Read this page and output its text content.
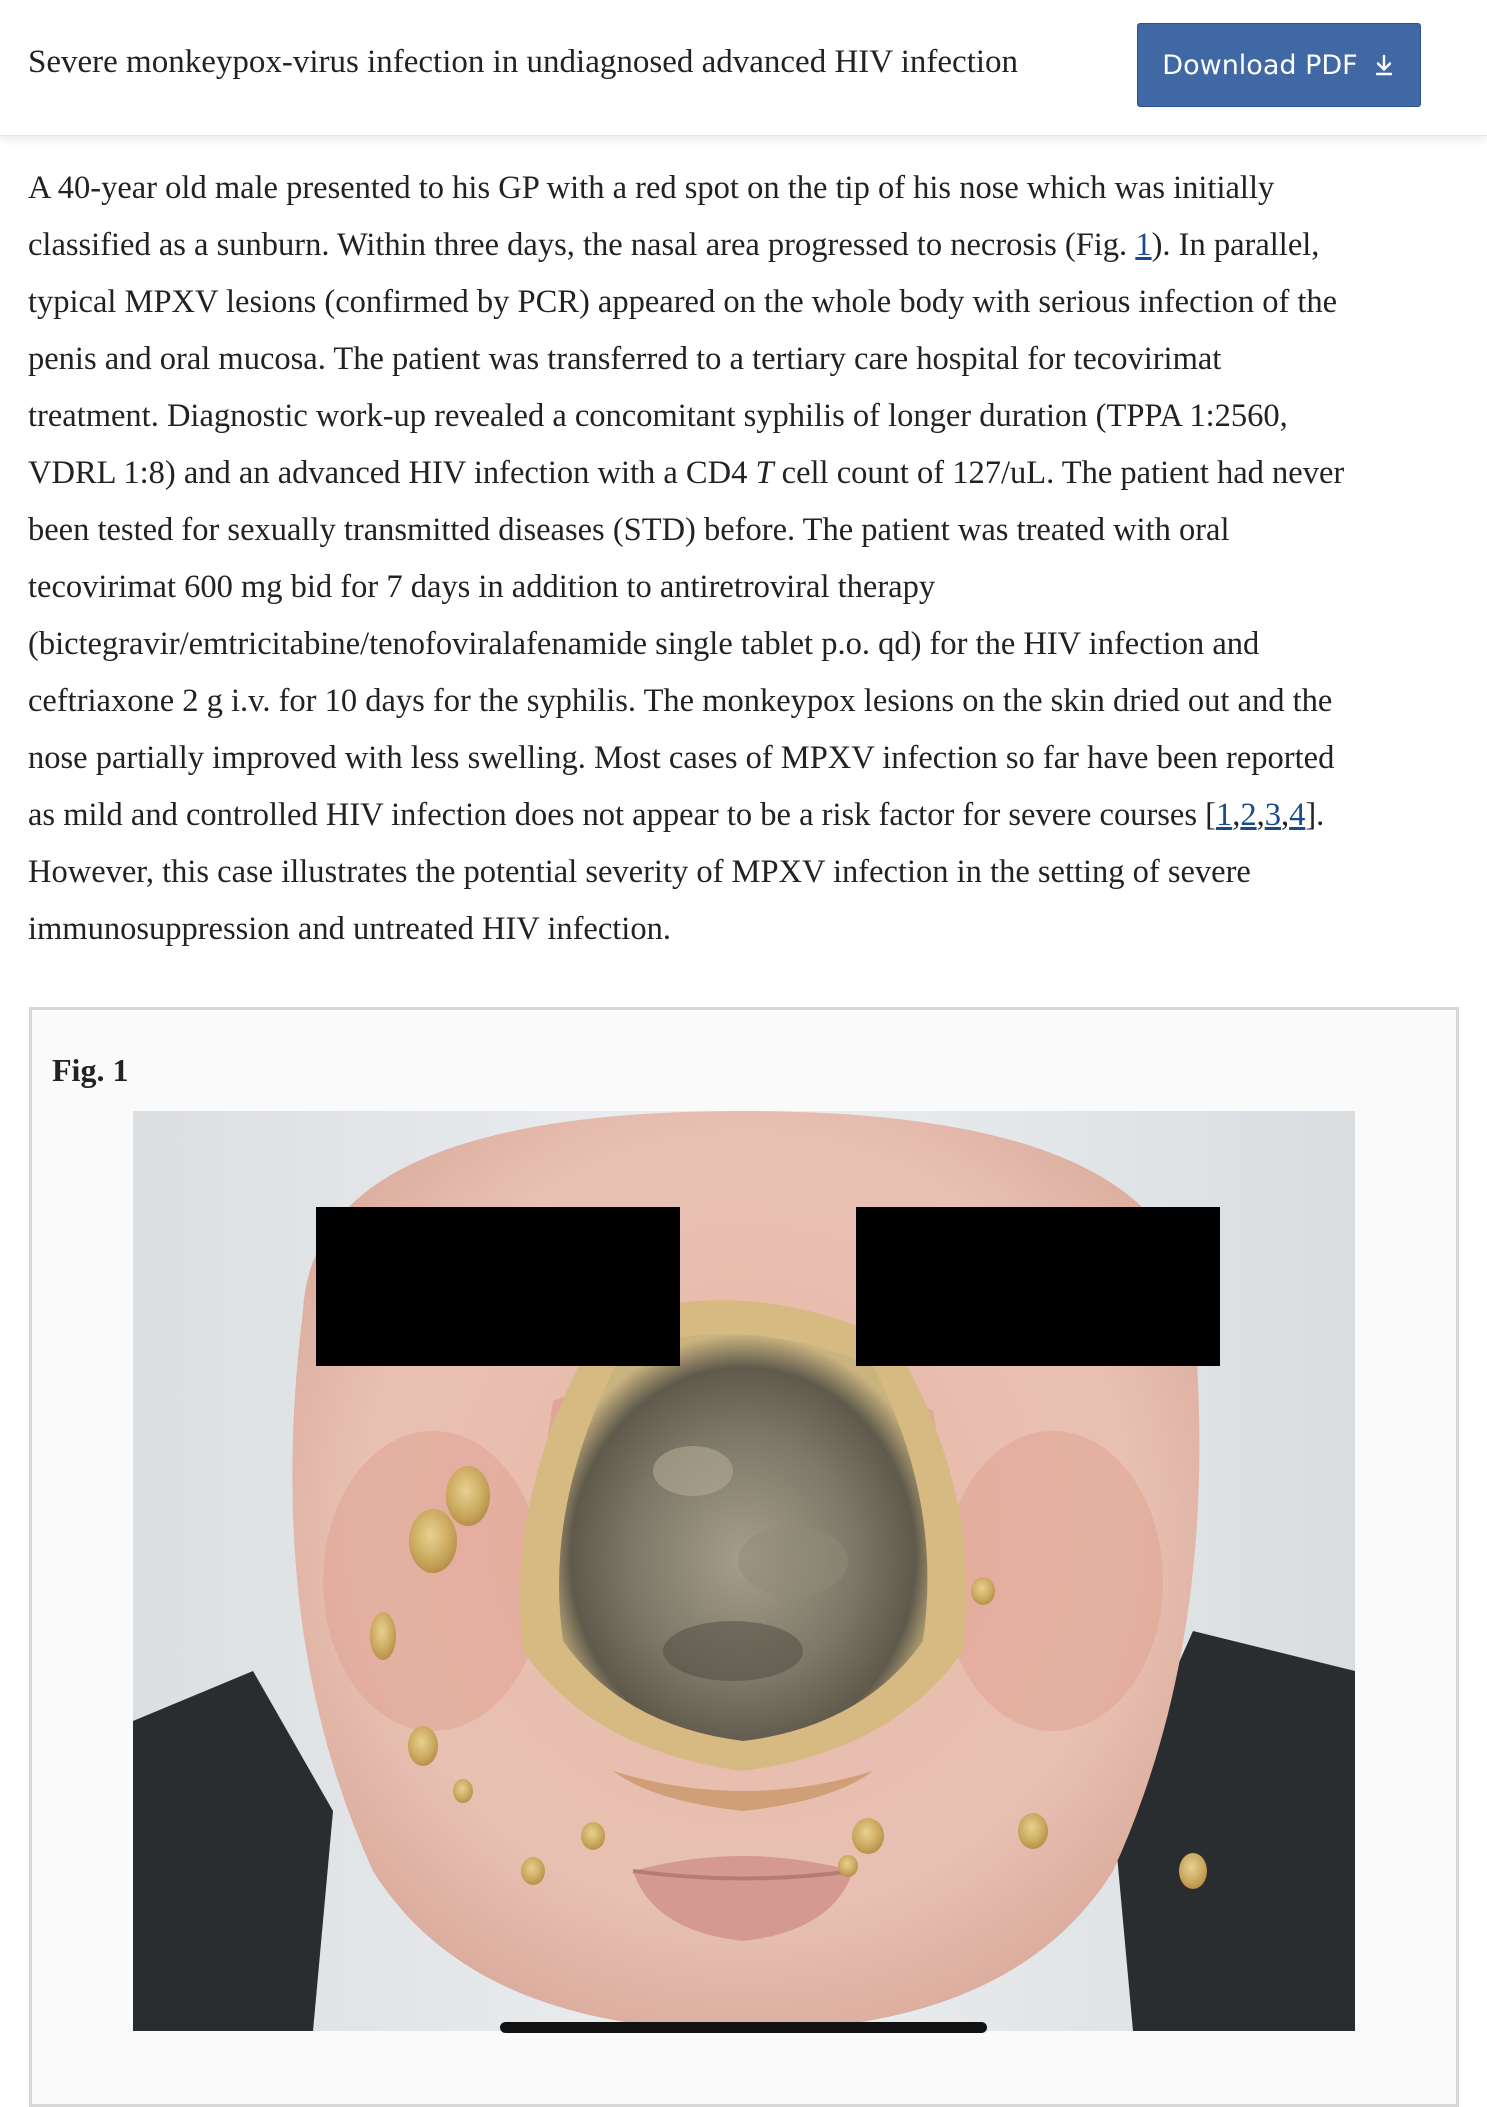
Severe monkeypox-virus infection in undiagnosed advanced HIV infection	Download PDF
A 40-year old male presented to his GP with a red spot on the tip of his nose which was initially
classified as a sunburn. Within three days, the nasal area progressed to necrosis (Fig. 1). In parallel,
typical MPXV lesions (confirmed by PCR) appeared on the whole body with serious infection of the
penis and oral mucosa. The patient was transferred to a tertiary care hospital for tecovirimat
treatment. Diagnostic work-up revealed a concomitant syphilis of longer duration (TPPA 1:2560,
VDRL 1:8) and an advanced HIV infection with a CD4 T cell count of 127/uL. The patient had never
been tested for sexually transmitted diseases (STD) before. The patient was treated with oral
tecovirimat 600 mg bid for 7 days in addition to antiretroviral therapy
(bictegravir/emtricitabine/tenofoviralafenamide single tablet p.o. qd) for the HIV infection and
ceftriaxone 2 g i.v. for 10 days for the syphilis. The monkeypox lesions on the skin dried out and the
nose partially improved with less swelling. Most cases of MPXV infection so far have been reported
as mild and controlled HIV infection does not appear to be a risk factor for severe courses [1,2,3,4].
However, this case illustrates the potential severity of MPXV infection in the setting of severe
immunosuppression and untreated HIV infection.
Fig. 1
